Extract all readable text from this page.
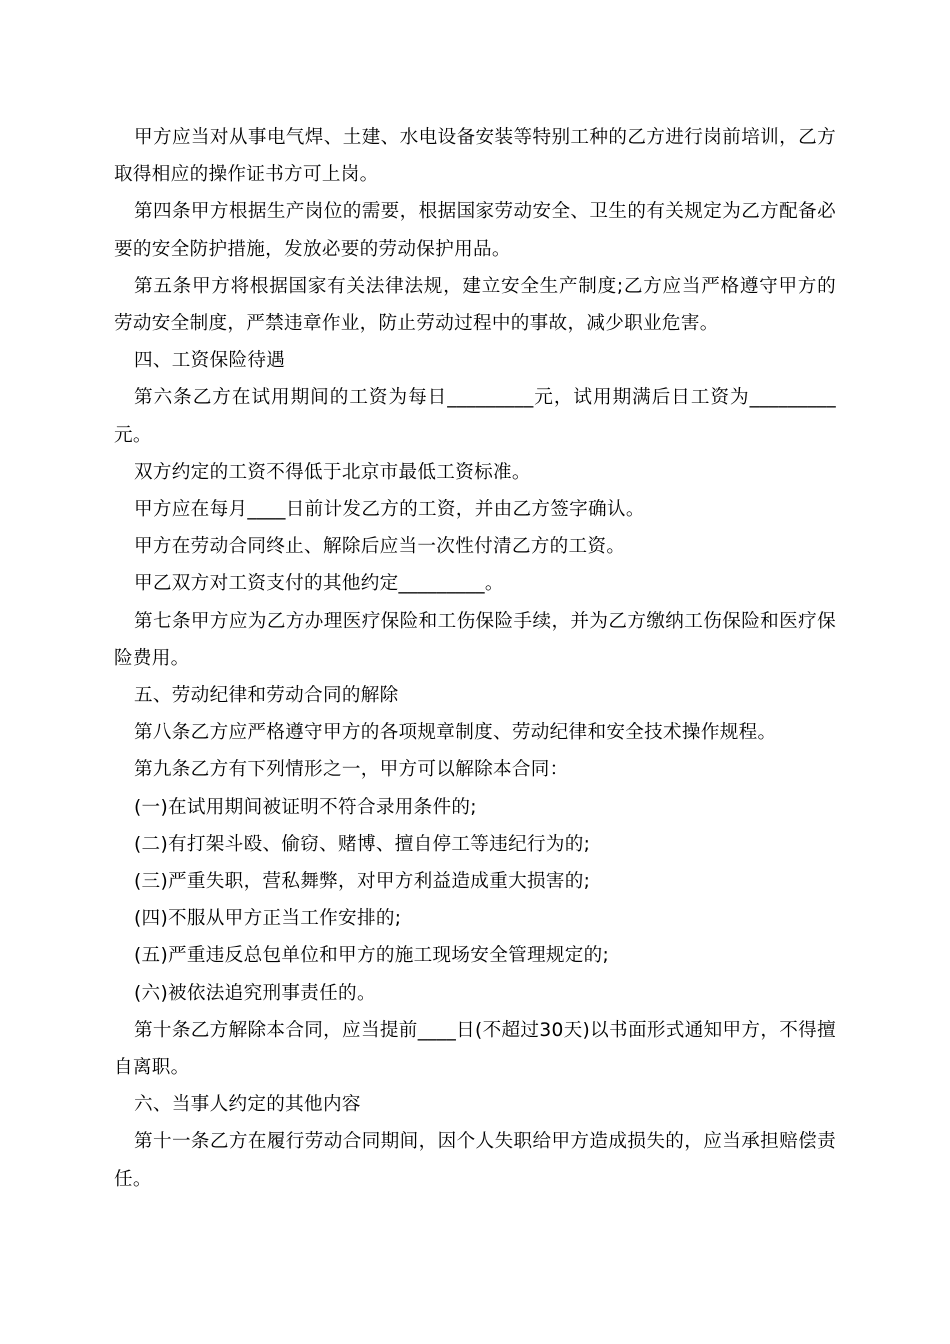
甲方应当对从事电气焊、土建、水电设备安装等特别工种的乙方进行岗前培训，乙方取得相应的操作证书方可上岗。

第四条甲方根据生产岗位的需要，根据国家劳动安全、卫生的有关规定为乙方配备必要的安全防护措施，发放必要的劳动保护用品。

第五条甲方将根据国家有关法律法规，建立安全生产制度;乙方应当严格遵守甲方的劳动安全制度，严禁违章作业，防止劳动过程中的事故，减少职业危害。

四、工资保险待遇

第六条乙方在试用期间的工资为每日_________元，试用期满后日工资为_________元。

双方约定的工资不得低于北京市最低工资标准。

甲方应在每月____日前计发乙方的工资，并由乙方签字确认。

甲方在劳动合同终止、解除后应当一次性付清乙方的工资。

甲乙双方对工资支付的其他约定_________。

第七条甲方应为乙方办理医疗保险和工伤保险手续，并为乙方缴纳工伤保险和医疗保险费用。

五、劳动纪律和劳动合同的解除

第八条乙方应严格遵守甲方的各项规章制度、劳动纪律和安全技术操作规程。

第九条乙方有下列情形之一，甲方可以解除本合同：

(一)在试用期间被证明不符合录用条件的;

(二)有打架斗殴、偷窃、赌博、擅自停工等违纪行为的;

(三)严重失职，营私舞弊，对甲方利益造成重大损害的;

(四)不服从甲方正当工作安排的;

(五)严重违反总包单位和甲方的施工现场安全管理规定的;

(六)被依法追究刑事责任的。

第十条乙方解除本合同，应当提前____日(不超过30天)以书面形式通知甲方，不得擅自离职。

六、当事人约定的其他内容

第十一条乙方在履行劳动合同期间，因个人失职给甲方造成损失的，应当承担赔偿责任。
